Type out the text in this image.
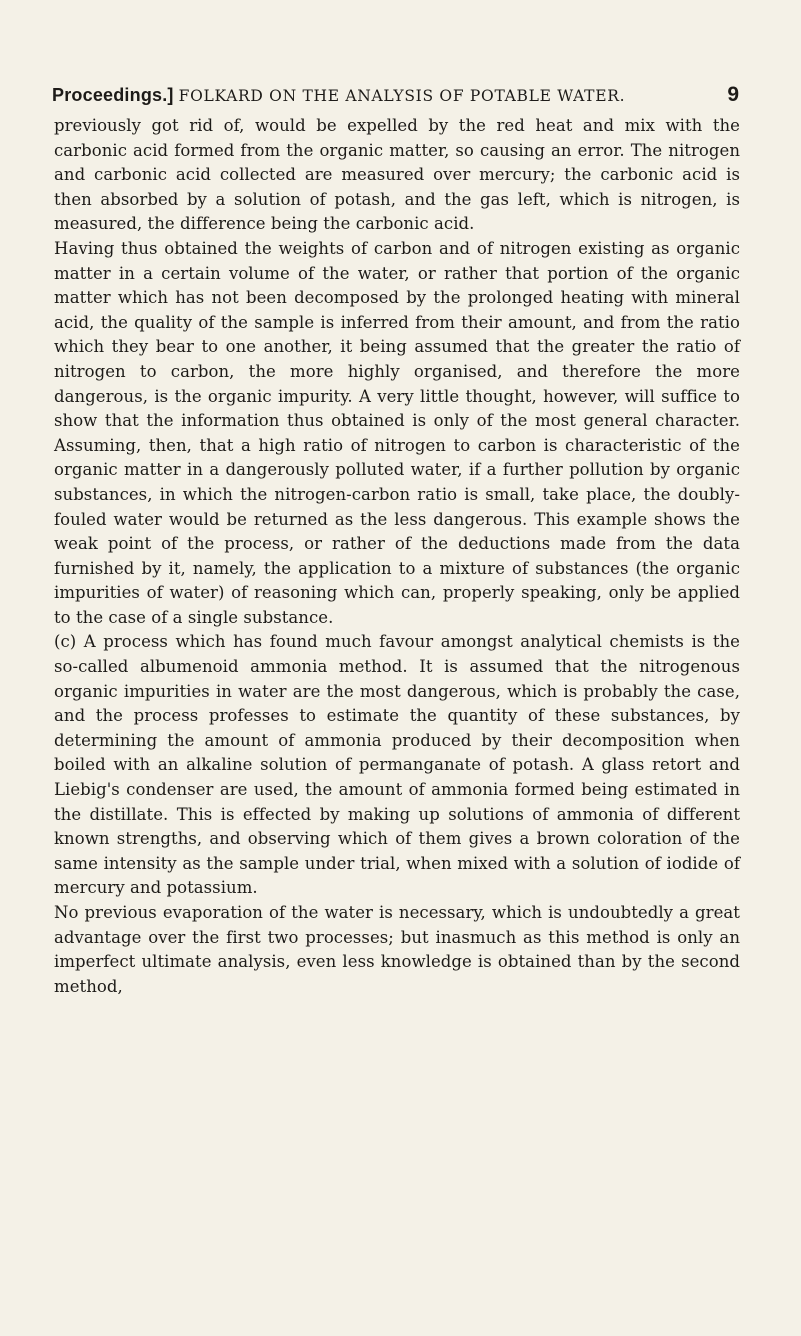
Proceedings.] FOLKARD ON THE ANALYSIS OF POTABLE WATER.	9

previously got rid of, would be expelled by the red heat and mix with the carbonic acid formed from the organic matter, so causing an error. The nitrogen and carbonic acid collected are measured over mercury; the carbonic acid is then absorbed by a solution of potash, and the gas left, which is nitrogen, is measured, the difference being the carbonic acid.

Having thus obtained the weights of carbon and of nitrogen existing as organic matter in a certain volume of the water, or rather that portion of the organic matter which has not been decomposed by the prolonged heating with mineral acid, the quality of the sample is inferred from their amount, and from the ratio which they bear to one another, it being assumed that the greater the ratio of nitrogen to carbon, the more highly organised, and therefore the more dangerous, is the organic impurity. A very little thought, however, will suffice to show that the information thus obtained is only of the most general character. Assuming, then, that a high ratio of nitrogen to carbon is characteristic of the organic matter in a dangerously polluted water, if a further pollution by organic substances, in which the nitrogen-carbon ratio is small, take place, the doubly-fouled water would be returned as the less dangerous. This example shows the weak point of the process, or rather of the deductions made from the data furnished by it, namely, the application to a mixture of substances (the organic impurities of water) of reasoning which can, properly speaking, only be applied to the case of a single substance.

(c) A process which has found much favour amongst analytical chemists is the so-called albumenoid ammonia method. It is assumed that the nitrogenous organic impurities in water are the most dangerous, which is probably the case, and the process professes to estimate the quantity of these substances, by determining the amount of ammonia produced by their decomposition when boiled with an alkaline solution of permanganate of potash. A glass retort and Liebig's condenser are used, the amount of ammonia formed being estimated in the distillate. This is effected by making up solutions of ammonia of different known strengths, and observing which of them gives a brown coloration of the same intensity as the sample under trial, when mixed with a solution of iodide of mercury and potassium.

No previous evaporation of the water is necessary, which is undoubtedly a great advantage over the first two processes; but inasmuch as this method is only an imperfect ultimate analysis, even less knowledge is obtained than by the second method,
